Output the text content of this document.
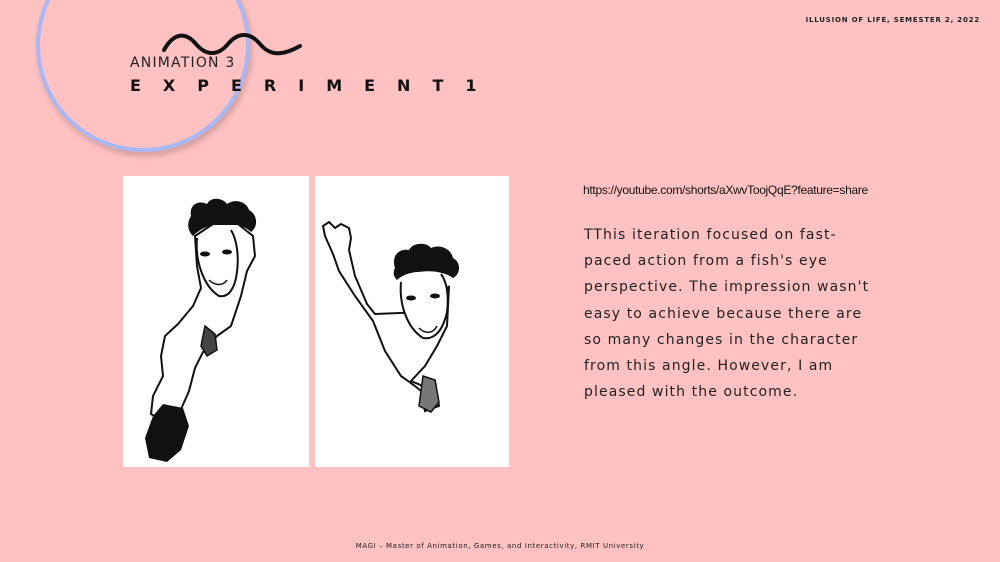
ANIMATION 3
EXPERIMENT1
ILLUSION OF LIFE, SEMESTER 2, 2022
https://youtube.com/shorts/aXwvToojQqE?feature=share
TThis iteration focused on fast-paced action from a fish's eye perspective. The impression wasn't easy to achieve because there are so many changes in the character from this angle. However, I am pleased with the outcome.
MAGI – Master of Animation, Games, and Interactivity, RMIT University
